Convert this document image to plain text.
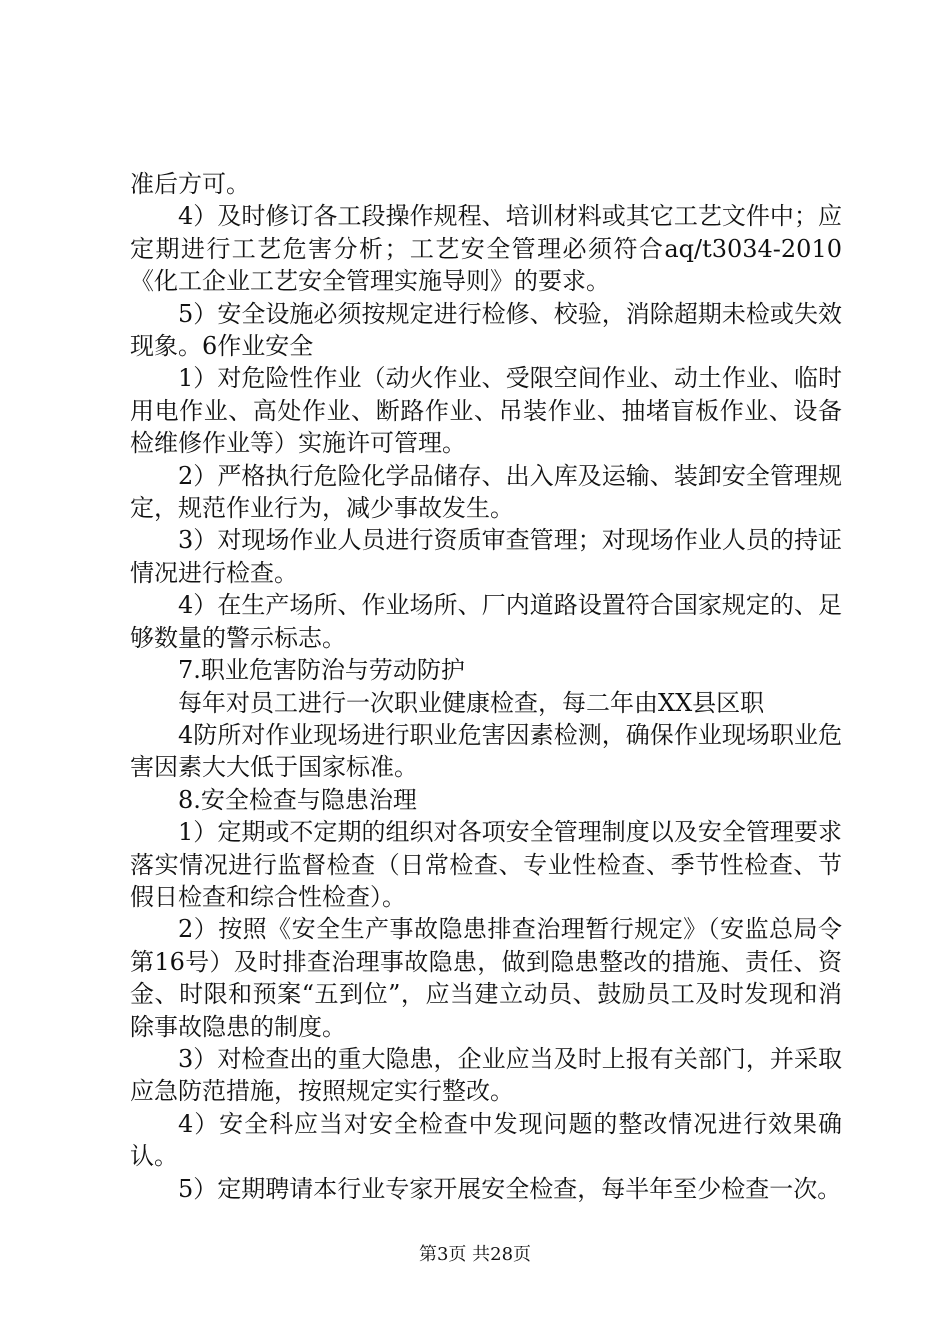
准后方可。

4）及时修订各工段操作规程、培训材料或其它工艺文件中；应定期进行工艺危害分析；工艺安全管理必须符合aq/t3034-2010《化工企业工艺安全管理实施导则》的要求。

5）安全设施必须按规定进行检修、校验，消除超期未检或失效现象。6作业安全

1）对危险性作业（动火作业、受限空间作业、动土作业、临时用电作业、高处作业、断路作业、吊装作业、抽堵盲板作业、设备检维修作业等）实施许可管理。

2）严格执行危险化学品储存、出入库及运输、装卸安全管理规定，规范作业行为，减少事故发生。

3）对现场作业人员进行资质审查管理；对现场作业人员的持证情况进行检查。

4）在生产场所、作业场所、厂内道路设置符合国家规定的、足够数量的警示标志。

7.职业危害防治与劳动防护

每年对员工进行一次职业健康检查，每二年由XX县区职

4防所对作业现场进行职业危害因素检测，确保作业现场职业危害因素大大低于国家标准。

8.安全检查与隐患治理

1）定期或不定期的组织对各项安全管理制度以及安全管理要求落实情况进行监督检查（日常检查、专业性检查、季节性检查、节假日检查和综合性检查）。

2）按照《安全生产事故隐患排查治理暂行规定》（安监总局令第16号）及时排查治理事故隐患，做到隐患整改的措施、责任、资金、时限和预案“五到位”，应当建立动员、鼓励员工及时发现和消除事故隐患的制度。

3）对检查出的重大隐患，企业应当及时上报有关部门，并采取应急防范措施，按照规定实行整改。

4）安全科应当对安全检查中发现问题的整改情况进行效果确认。

5）定期聘请本行业专家开展安全检查，每半年至少检查一次。

第3页 共28页
